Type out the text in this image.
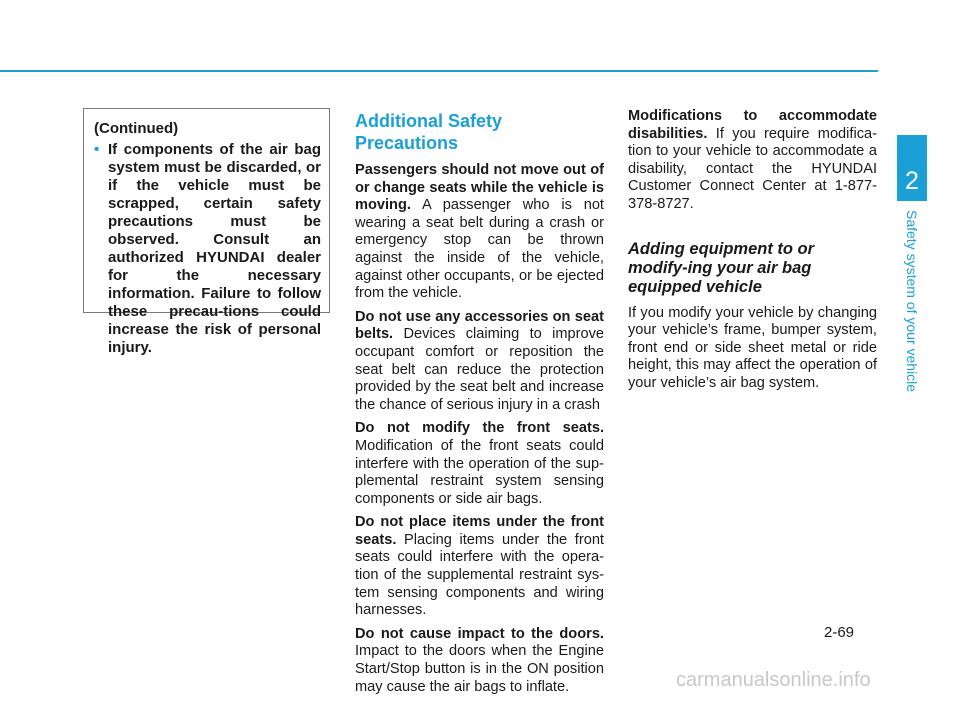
2
Safety system of your vehicle
(Continued)
• If components of the air bag system must be discarded, or if the vehicle must be scrapped, certain safety precautions must be observed. Consult an authorized HYUNDAI dealer for the necessary information. Failure to follow these precau-tions could increase the risk of personal injury.
Additional Safety Precautions
Passengers should not move out of or change seats while the vehicle is moving. A passenger who is not wearing a seat belt during a crash or emergency stop can be thrown against the inside of the vehicle, against other occupants, or be ejected from the vehicle.
Do not use any accessories on seat belts. Devices claiming to improve occupant comfort or reposition the seat belt can reduce the protection provided by the seat belt and increase the chance of serious injury in a crash
Do not modify the front seats. Modification of the front seats could interfere with the operation of the sup-plemental restraint system sensing components or side air bags.
Do not place items under the front seats. Placing items under the front seats could interfere with the opera-tion of the supplemental restraint sys-tem sensing components and wiring harnesses.
Do not cause impact to the doors. Impact to the doors when the Engine Start/Stop button is in the ON position may cause the air bags to inflate.
Modifications to accommodate disabilities. If you require modifica-tion to your vehicle to accommodate a disability, contact the HYUNDAI Customer Connect Center at 1-877-378-8727.
Adding equipment to or modify-ing your air bag equipped vehicle
If you modify your vehicle by changing your vehicle’s frame, bumper system, front end or side sheet metal or ride height, this may affect the operation of your vehicle’s air bag system.
2-69
carmanualsonline.info
